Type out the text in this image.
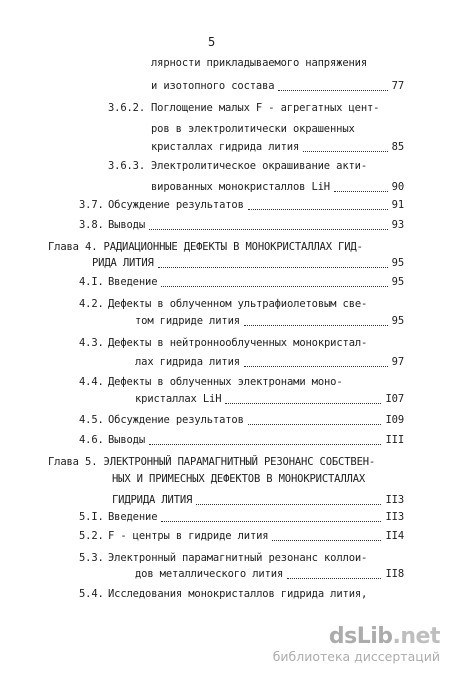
5
лярности прикладываемого напряжения
и изотопного состава	77
3.6.2. Поглощение малых F - агрегатных цент-
ров в электролитически окрашенных
кристаллах гидрида лития	85
3.6.3. Электролитическое окрашивание акти-
вированных монокристаллов LiH	90
3.7. Обсуждение результатов	91
3.8. Выводы	93
Глава 4. РАДИАЦИОННЫЕ ДЕФЕКТЫ В МОНОКРИСТАЛЛАХ ГИД-
РИДА ЛИТИЯ	95
4.I. Введение	95
4.2. Дефекты в облученном ультрафиолетовым све-
том гидриде лития	95
4.3. Дефекты в нейтроннооблученных монокристал-
лах гидрида лития	97
4.4. Дефекты в облученных электронами моно-
кристаллах LiH	I07
4.5. Обсуждение результатов	I09
4.6. Выводы	III
Глава 5. ЭЛЕКТРОННЫЙ ПАРАМАГНИТНЫЙ РЕЗОНАНС СОБСТВЕН-
НЫХ И ПРИМЕСНЫХ ДЕФЕКТОВ В МОНОКРИСТАЛЛАХ
ГИДРИДА ЛИТИЯ	II3
5.I. Введение	II3
5.2. F - центры в гидриде лития	II4
5.3. Электронный парамагнитный резонанс коллои-
дов металлического лития	II8
5.4. Исследования монокристаллов гидрида лития,
dsLib.net
библиотека диссертаций
